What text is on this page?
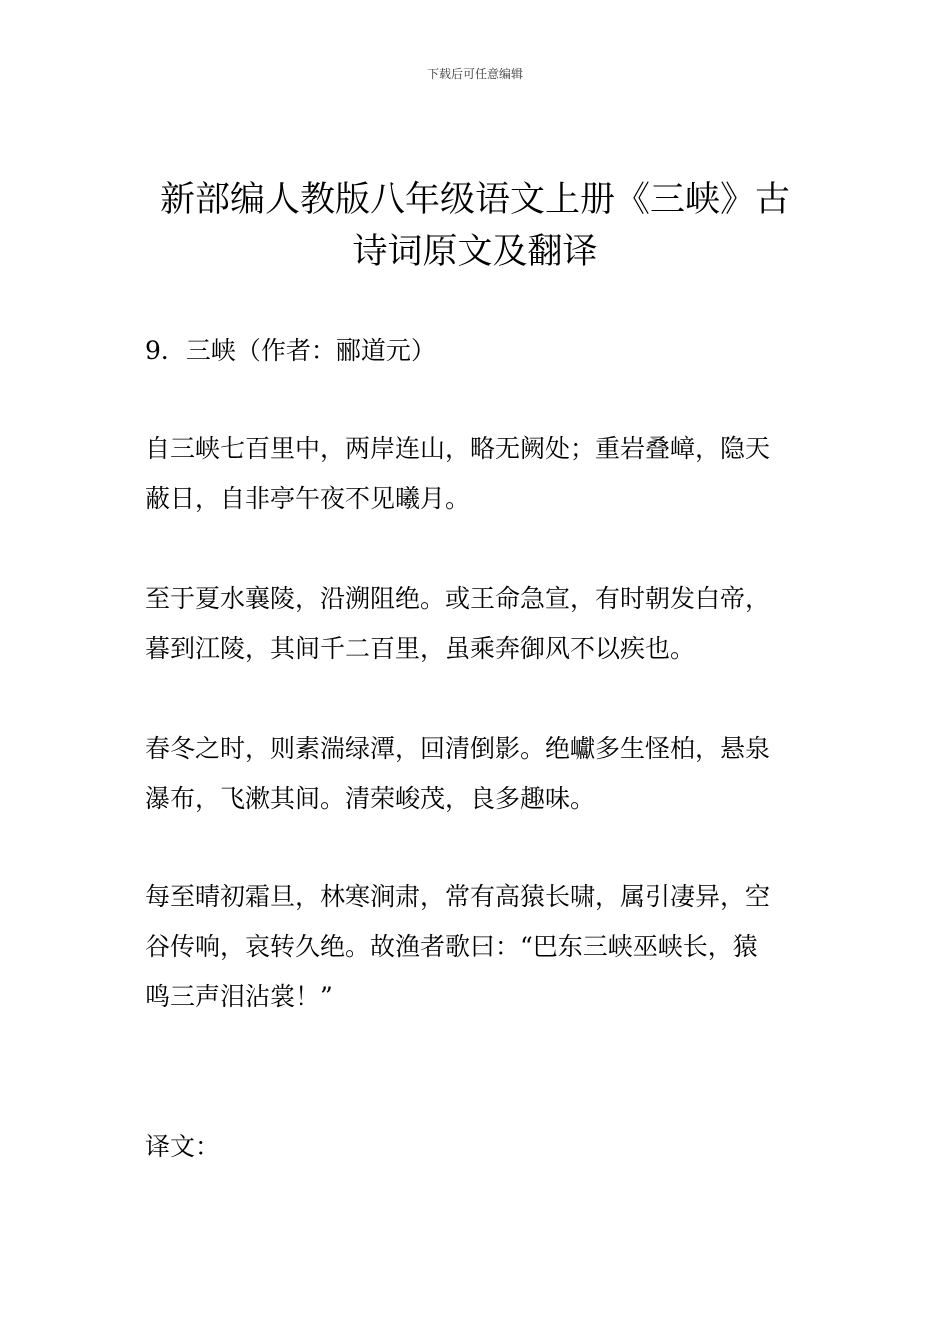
下载后可任意编辑
新部编人教版八年级语文上册《三峡》古
诗词原文及翻译

9．三峡（作者：郦道元）

自三峡七百里中，两岸连山，略无阙处；重岩叠嶂，隐天
蔽日，自非亭午夜不见曦月。

至于夏水襄陵，沿溯阻绝。或王命急宣，有时朝发白帝，
暮到江陵，其间千二百里，虽乘奔御风不以疾也。

春冬之时，则素湍绿潭，回清倒影。绝巘多生怪柏，悬泉
瀑布，飞漱其间。清荣峻茂，良多趣味。

每至晴初霜旦，林寒涧肃，常有高猿长啸，属引凄异，空
谷传响，哀转久绝。故渔者歌曰：“巴东三峡巫峡长，猿
鸣三声泪沾裳！”

译文：
